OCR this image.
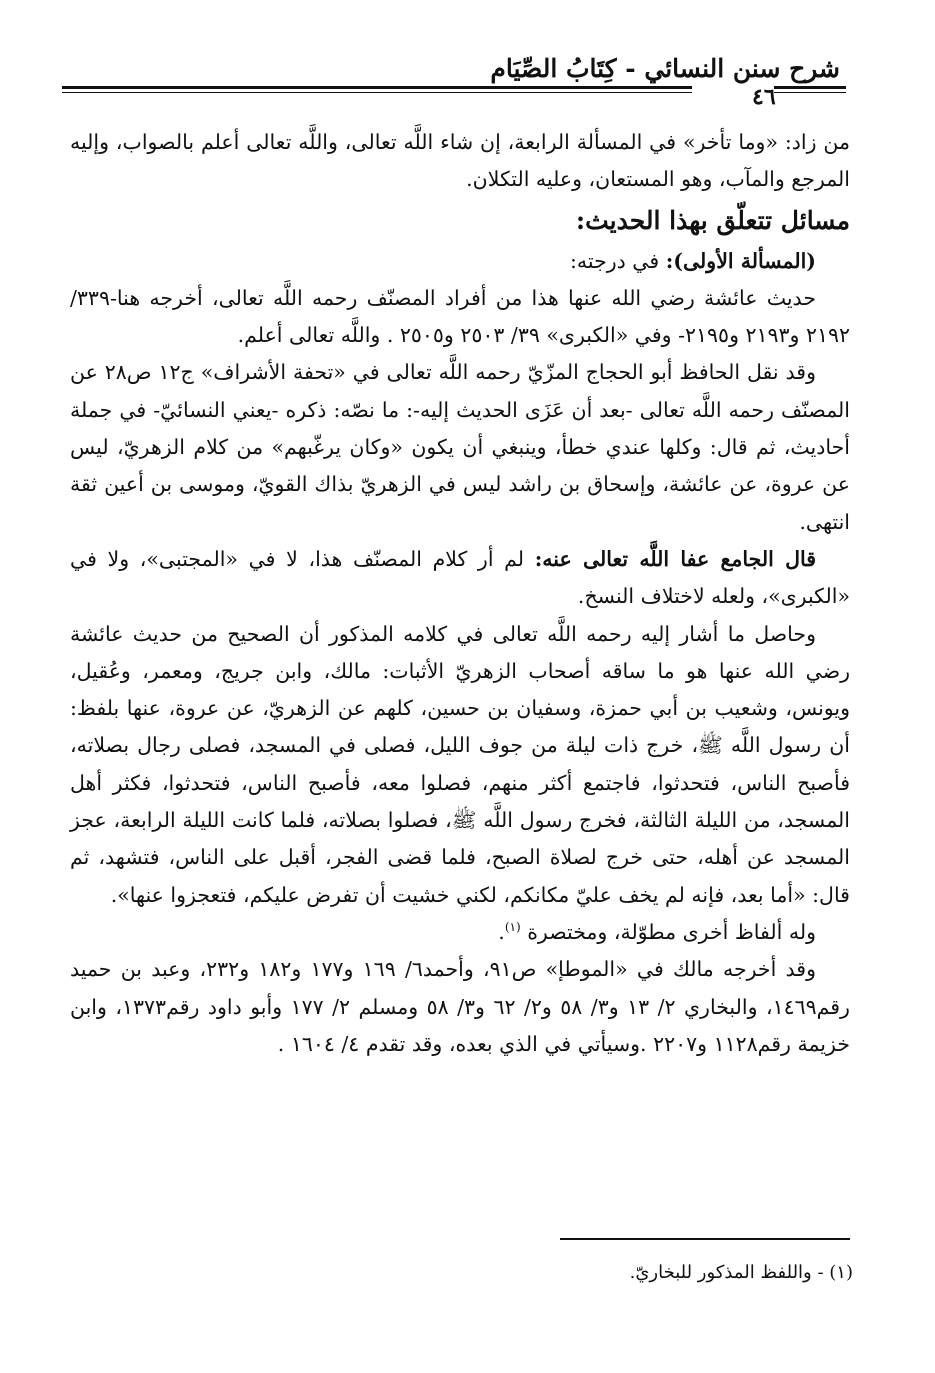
شرح سنن النسائي - كِتَابُ الصِّيَام
٤٦

من زاد: «وما تأخر» في المسألة الرابعة، إن شاء اللَّه تعالى، واللَّه تعالى أعلم بالصواب، وإليه المرجع والمآب، وهو المستعان، وعليه التكلان.

مسائل تتعلّق بهذا الحديث:

(المسألة الأولى): في درجته:

حديث عائشة رضي الله عنها هذا من أفراد المصنّف رحمه اللَّه تعالى، أخرجه هنا-٣٣٩/ ٢١٩٢ و٢١٩٣ و٢١٩٥- وفي «الكبرى» ٣٩/ ٢٥٠٣ و٢٥٠٥ . واللَّه تعالى أعلم.

وقد نقل الحافظ أبو الحجاج المزّيّ رحمه اللَّه تعالى في «تحفة الأشراف» ج١٢ ص٢٨ عن المصنّف رحمه اللَّه تعالى -بعد أن عَزَى الحديث إليه-: ما نصّه: ذكره -يعني النسائيّ- في جملة أحاديث، ثم قال: وكلها عندي خطأ، وينبغي أن يكون «وكان يرغّبهم» من كلام الزهريّ، ليس عن عروة، عن عائشة، وإسحاق بن راشد ليس في الزهريّ بذاك القويّ، وموسى بن أعين ثقة انتهى.

قال الجامع عفا اللَّه تعالى عنه: لم أر كلام المصنّف هذا، لا في «المجتبى»، ولا في «الكبرى»، ولعله لاختلاف النسخ.

وحاصل ما أشار إليه رحمه اللَّه تعالى في كلامه المذكور أن الصحيح من حديث عائشة رضي الله عنها هو ما ساقه أصحاب الزهريّ الأثبات: مالك، وابن جريج، ومعمر، وعُقيل، ويونس، وشعيب بن أبي حمزة، وسفيان بن حسين، كلهم عن الزهريّ، عن عروة، عنها بلفظ: أن رسول اللَّه ﷺ، خرج ذات ليلة من جوف الليل، فصلى في المسجد، فصلى رجال بصلاته، فأصبح الناس، فتحدثوا، فاجتمع أكثر منهم، فصلوا معه، فأصبح الناس، فتحدثوا، فكثر أهل المسجد، من الليلة الثالثة، فخرج رسول اللَّه ﷺ، فصلوا بصلاته، فلما كانت الليلة الرابعة، عجز المسجد عن أهله، حتى خرج لصلاة الصبح، فلما قضى الفجر، أقبل على الناس، فتشهد، ثم قال: «أما بعد، فإنه لم يخف عليّ مكانكم، لكني خشيت أن تفرض عليكم، فتعجزوا عنها».

وله ألفاظ أخرى مطوّلة، ومختصرة $^{(١)}$.

وقد أخرجه مالك في «الموطإ» ص٩١، وأحمد٦/ ١٦٩ و١٧٧ و١٨٢ و٢٣٢، وعبد بن حميد رقم١٤٦٩، والبخاري ٢/ ١٣ و٣/ ٥٨ و٢/ ٦٢ و٣/ ٥٨ ومسلم ٢/ ١٧٧ وأبو داود رقم١٣٧٣، وابن خزيمة رقم١١٢٨ و٢٢٠٧ .وسيأتي في الذي بعده، وقد تقدم ٤/ ١٦٠٤ .

(١) - واللفظ المذكور للبخاريّ.
